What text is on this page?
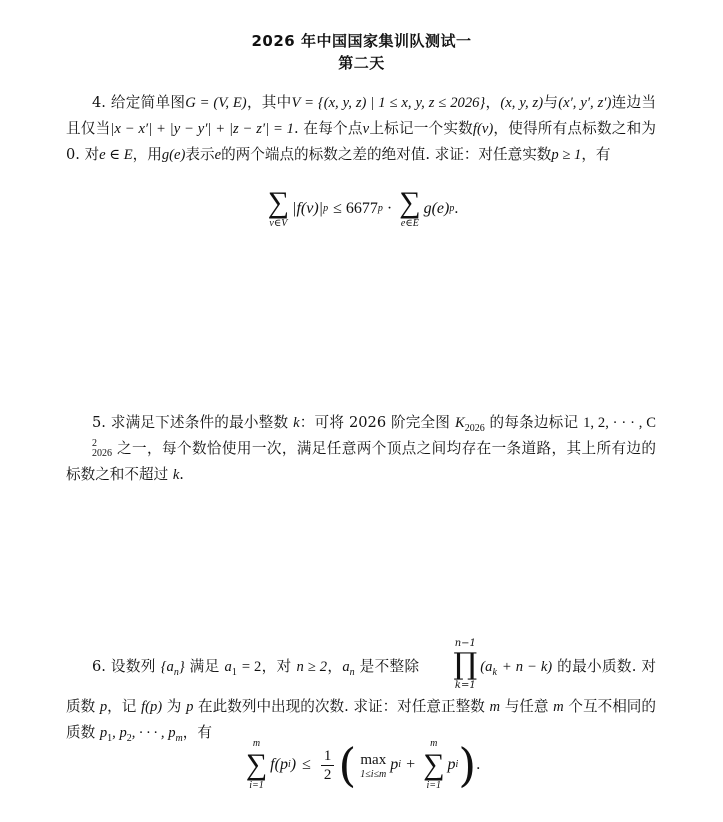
2026 年中国国家集训队测试一
第二天
4. 给定简单图G = (V, E)，其中V = {(x, y, z) | 1 ≤ x, y, z ≤ 2026}，(x, y, z)与(x′, y′, z′)连边当且仅当|x − x′| + |y − y′| + |z − z′| = 1. 在每个点v上标记一个实数f(v)，使得所有点标数之和为 0. 对e ∈ E，用g(e)表示e的两个端点的标数之差的绝对值. 求证：对任意实数p ≥ 1，有
∑
v∈V
|f(v)| p ≤ 6677 p · ∑
e∈E
g(e) p .
5. 求满足下述条件的最小整数 k：可将 2026 阶完全图 $K_{2026}$ 的每条边标记 1, 2, · · · , C
2
2026 之一，每个数恰使用一次，满足任意两个顶点之间均存在一条道路，其上所有边的标数之和不超过 k.
6. 设数列 $\{a_n\}$ 满足 $a_1 = 2$，对 n ≥ 2，$a_n$ 是不整除
n−1
∏
k=1
$(a_k + n - k)$ 的最小质数. 对质数 p，记 f(p) 为 p 在此数列中出现的次数. 求证：对任意正整数 m 与任意 m 个互不相同的质数 $p_1$, $p_2$, · · · , $p_m$，有
m
∑
i=1
f(p i ) ≤ $\frac{1}{2}$ ( max
1≤i≤m
p i +
m
∑
i=1
p i ) .
